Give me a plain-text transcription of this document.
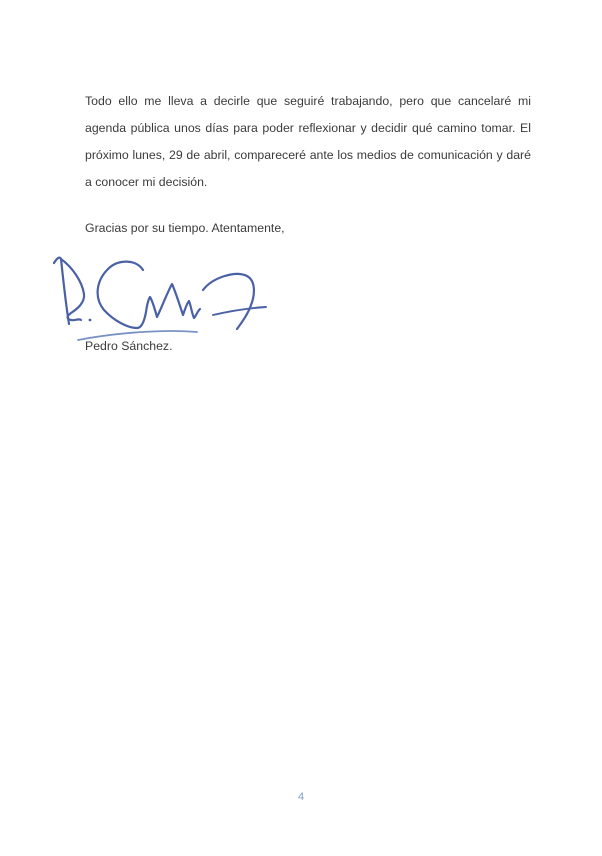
Todo ello me lleva a decirle que seguiré trabajando, pero que cancelaré mi
agenda pública unos días para poder reflexionar y decidir qué camino tomar. El
próximo lunes, 29 de abril, compareceré ante los medios de comunicación y daré
a conocer mi decisión.
Gracias por su tiempo. Atentamente,
Pedro Sánchez.
4
